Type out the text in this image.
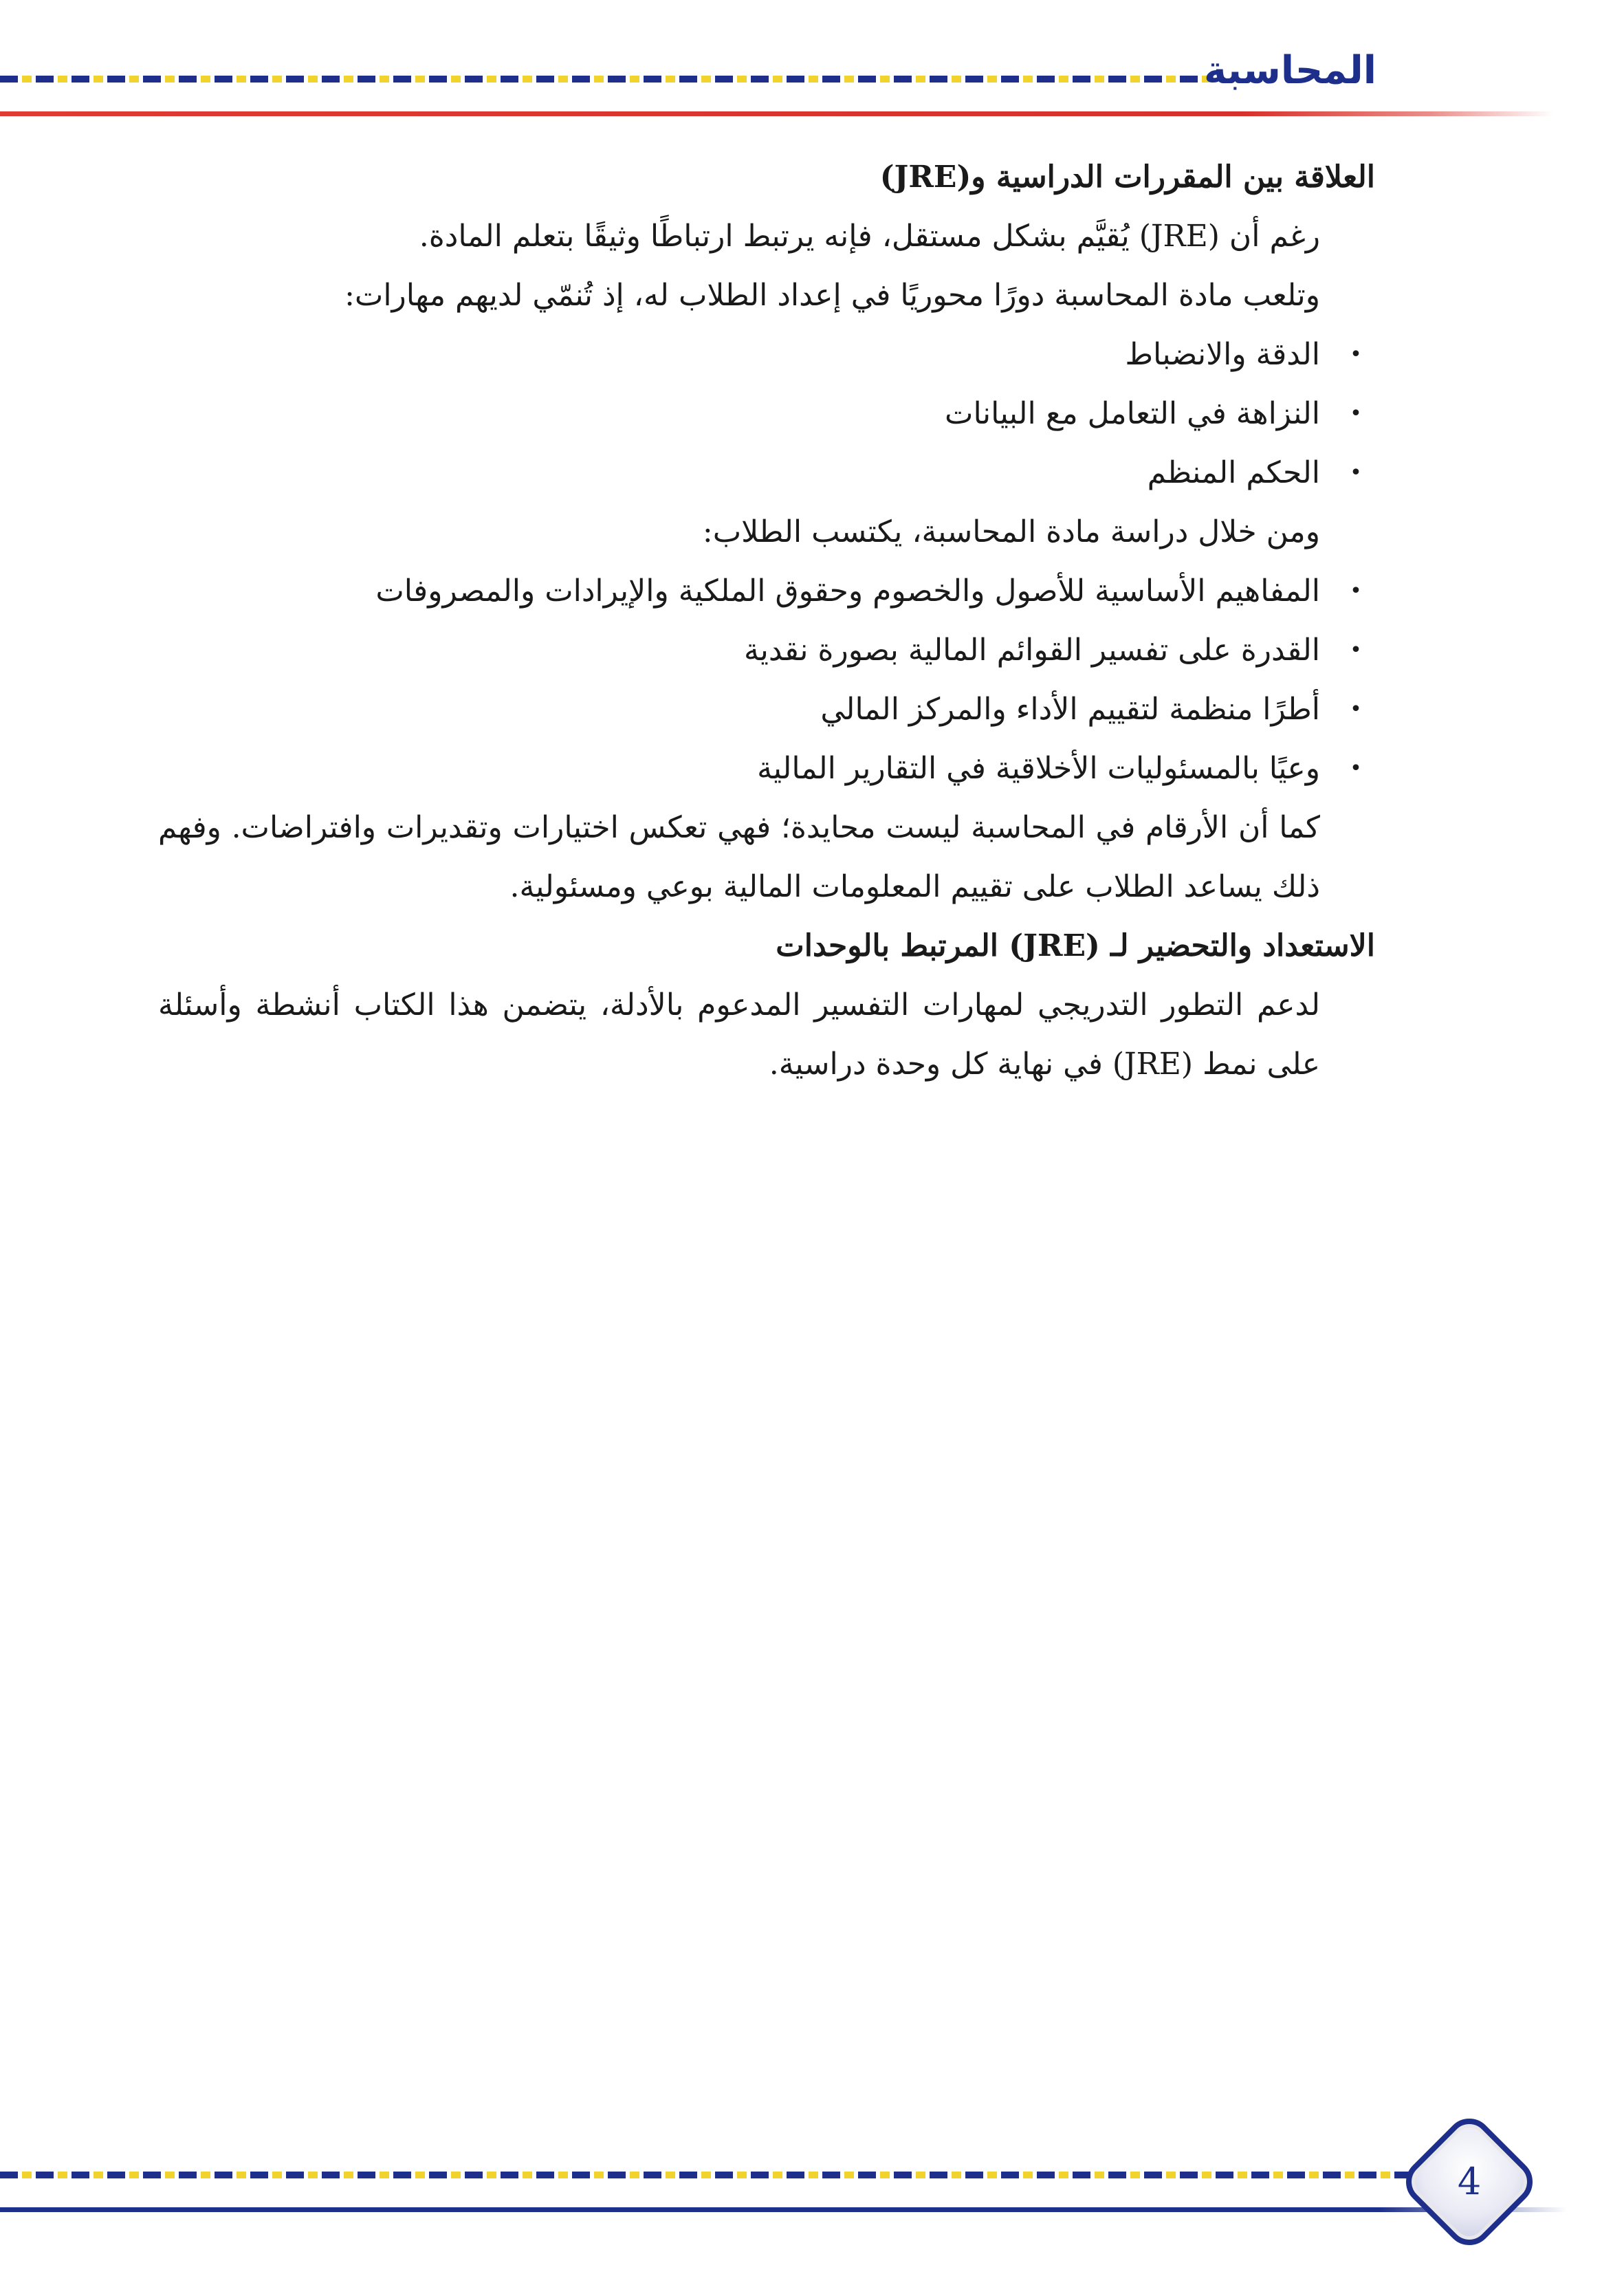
المحاسبة

العلاقة بين المقررات الدراسية و(JRE)

رغم أن (JRE) يُقيَّم بشكل مستقل، فإنه يرتبط ارتباطًا وثيقًا بتعلم المادة.

وتلعب مادة المحاسبة دورًا محوريًا في إعداد الطلاب له، إذ تُنمّي لديهم مهارات:

•
الدقة والانضباط
•
النزاهة في التعامل مع البيانات
•
الحكم المنظم

ومن خلال دراسة مادة المحاسبة، يكتسب الطلاب:

•
المفاهيم الأساسية للأصول والخصوم وحقوق الملكية والإيرادات والمصروفات
•
القدرة على تفسير القوائم المالية بصورة نقدية
•
أطرًا منظمة لتقييم الأداء والمركز المالي
•
وعيًا بالمسئوليات الأخلاقية في التقارير المالية

كما أن الأرقام في المحاسبة ليست محايدة؛ فهي تعكس اختيارات وتقديرات وافتراضات. وفهم ذلك يساعد الطلاب على تقييم المعلومات المالية بوعي ومسئولية.

الاستعداد والتحضير لـ (JRE) المرتبط بالوحدات

لدعم التطور التدريجي لمهارات التفسير المدعوم بالأدلة، يتضمن هذا الكتاب أنشطة وأسئلة على نمط (JRE) في نهاية كل وحدة دراسية.

4
